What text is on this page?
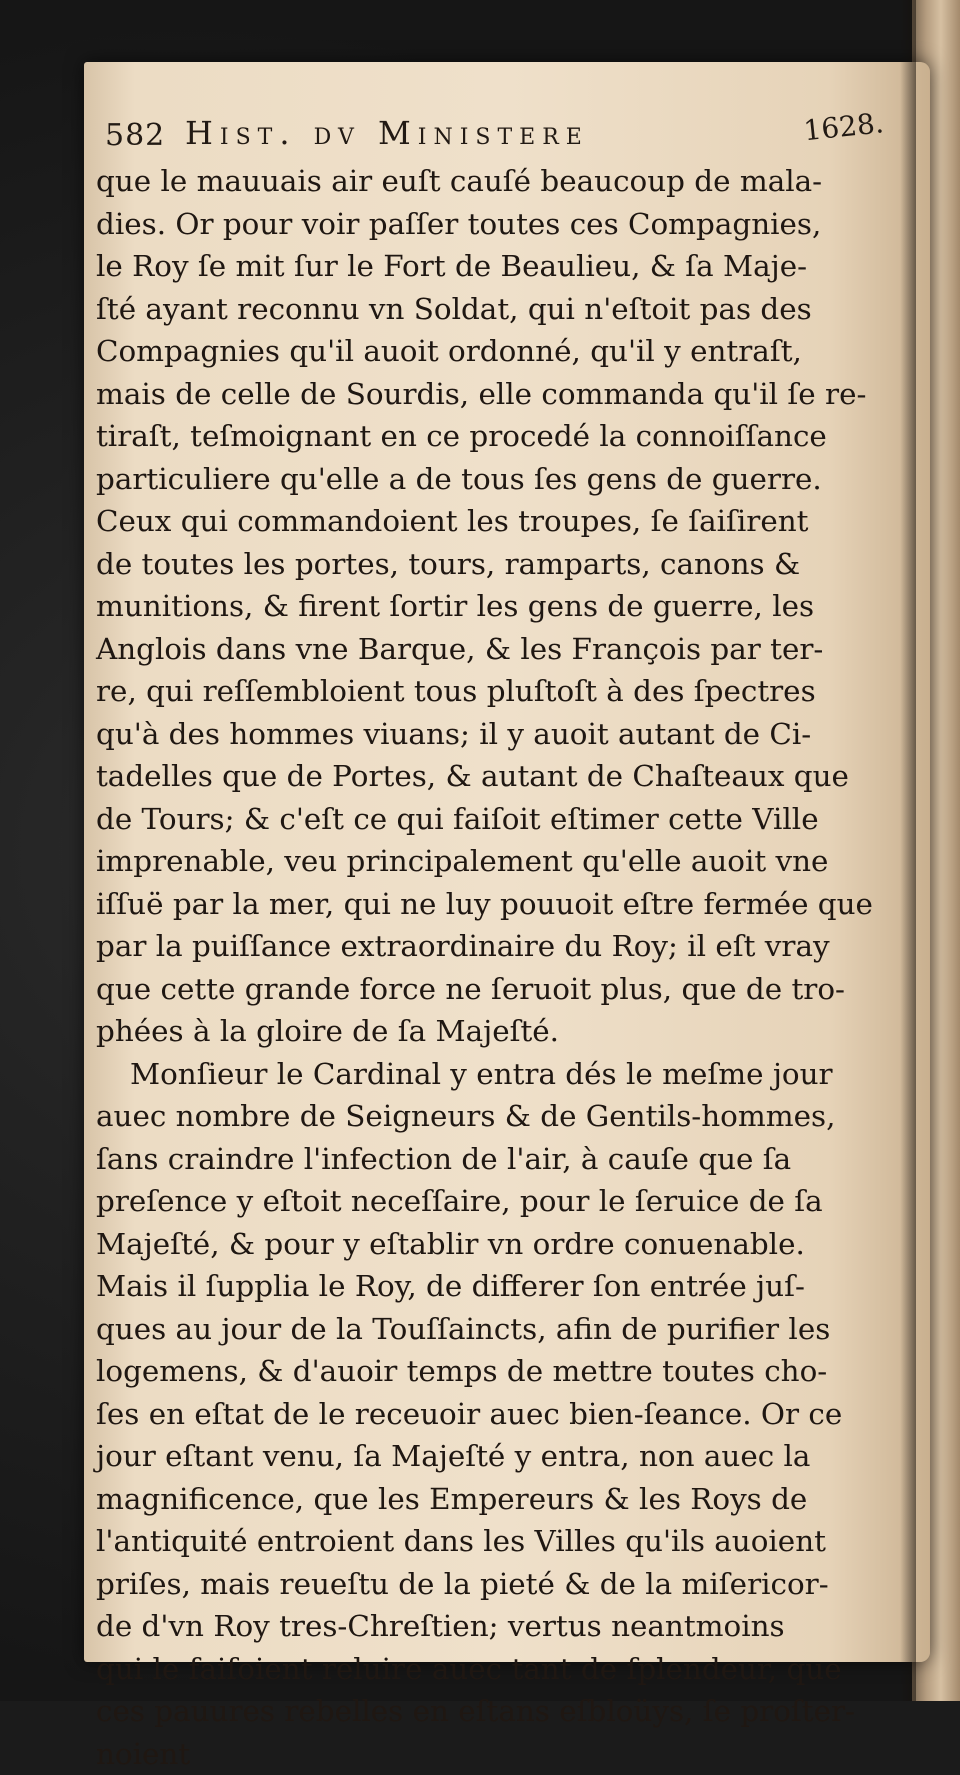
582 Hist. dv Ministere	1628.
que le mauuais air euſt cauſé beaucoup de mala-
dies. Or pour voir paſſer toutes ces Compagnies,
le Roy ſe mit ſur le Fort de Beaulieu, & ſa Maje-
ſté ayant reconnu vn Soldat, qui n'eſtoit pas des
Compagnies qu'il auoit ordonné, qu'il y entraſt,
mais de celle de Sourdis, elle commanda qu'il ſe re-
tiraſt, teſmoignant en ce procedé la connoiſſance
particuliere qu'elle a de tous ſes gens de guerre.
Ceux qui commandoient les troupes, ſe ſaiſirent
de toutes les portes, tours, ramparts, canons &
munitions, & firent ſortir les gens de guerre, les
Anglois dans vne Barque, & les François par ter-
re, qui reſſembloient tous pluſtoſt à des ſpectres
qu'à des hommes viuans; il y auoit autant de Ci-
tadelles que de Portes, & autant de Chaſteaux que
de Tours; & c'eſt ce qui faiſoit eſtimer cette Ville
imprenable, veu principalement qu'elle auoit vne
iſſuë par la mer, qui ne luy pouuoit eſtre fermée que
par la puiſſance extraordinaire du Roy; il eſt vray
que cette grande force ne ſeruoit plus, que de tro-
phées à la gloire de ſa Majeſté.
Monſieur le Cardinal y entra dés le meſme jour
auec nombre de Seigneurs & de Gentils-hommes,
ſans craindre l'infection de l'air, à cauſe que ſa
preſence y eſtoit neceſſaire, pour le ſeruice de ſa
Majeſté, & pour y eſtablir vn ordre conuenable.
Mais il ſupplia le Roy, de differer ſon entrée juſ-
ques au jour de la Touſſaincts, afin de purifier les
logemens, & d'auoir temps de mettre toutes cho-
ſes en eſtat de le receuoir auec bien-ſeance. Or ce
jour eſtant venu, ſa Majeſté y entra, non auec la
magnificence, que les Empereurs & les Roys de
l'antiquité entroient dans les Villes qu'ils auoient
priſes, mais reueſtu de la pieté & de la miſericor-
de d'vn Roy tres-Chreſtien; vertus neantmoins
qui le faiſoient reluire auec tant de ſplendeur, que
ces pauures rebelles en eſtans eſbloüys, ſe proſter-
noient
